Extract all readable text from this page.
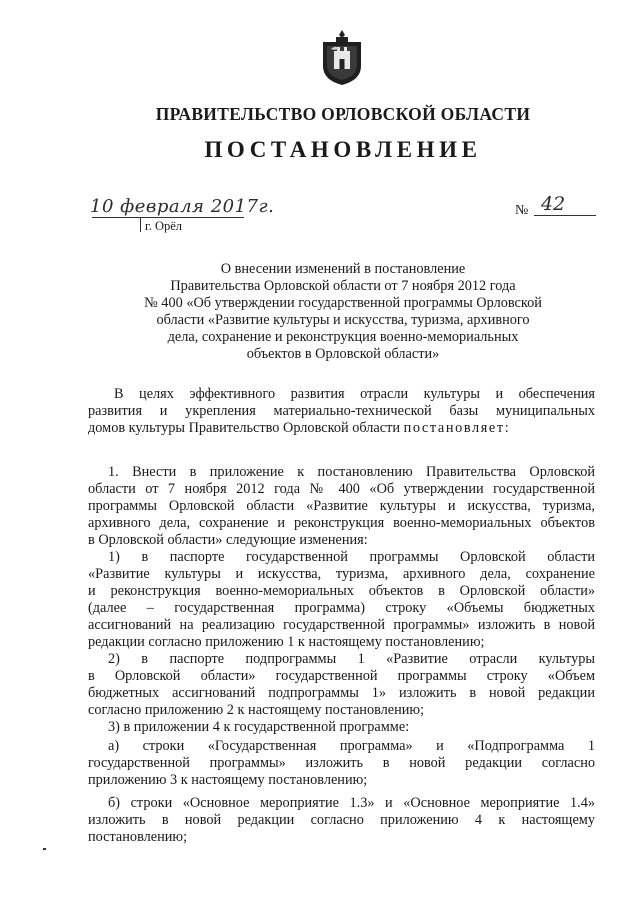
ПРАВИТЕЛЬСТВО ОРЛОВСКОЙ ОБЛАСТИ
ПОСТАНОВЛЕНИЕ
10 февраля 2017г.
г. Орёл
№ 42
О внесении изменений в постановление
Правительства Орловской области от 7 ноября 2012 года
№ 400 «Об утверждении государственной программы Орловской
области «Развитие культуры и искусства, туризма, архивного
дела, сохранение и реконструкция военно-мемориальных
объектов в Орловской области»
В целях эффективного развития отрасли культуры и обеспечения
развития и укрепления материально-технической базы муниципальных
домов культуры Правительство Орловской области постановляет:
1. Внести в приложение к постановлению Правительства Орловской
области от 7 ноября 2012 года № 400 «Об утверждении государственной
программы Орловской области «Развитие культуры и искусства, туризма,
архивного дела, сохранение и реконструкция военно-мемориальных объектов
в Орловской области» следующие изменения:
1) в паспорте государственной программы Орловской области
«Развитие культуры и искусства, туризма, архивного дела, сохранение
и реконструкция военно-мемориальных объектов в Орловской области»
(далее – государственная программа) строку «Объемы бюджетных
ассигнований на реализацию государственной программы» изложить в новой
редакции согласно приложению 1 к настоящему постановлению;
2) в паспорте подпрограммы 1 «Развитие отрасли культуры
в Орловской области» государственной программы строку «Объем
бюджетных ассигнований подпрограммы 1» изложить в новой редакции
согласно приложению 2 к настоящему постановлению;
3) в приложении 4 к государственной программе:
а) строки «Государственная программа» и «Подпрограмма 1
государственной программы» изложить в новой редакции согласно
приложению 3 к настоящему постановлению;
б) строки «Основное мероприятие 1.3» и «Основное мероприятие 1.4»
изложить в новой редакции согласно приложению 4 к настоящему
постановлению;
